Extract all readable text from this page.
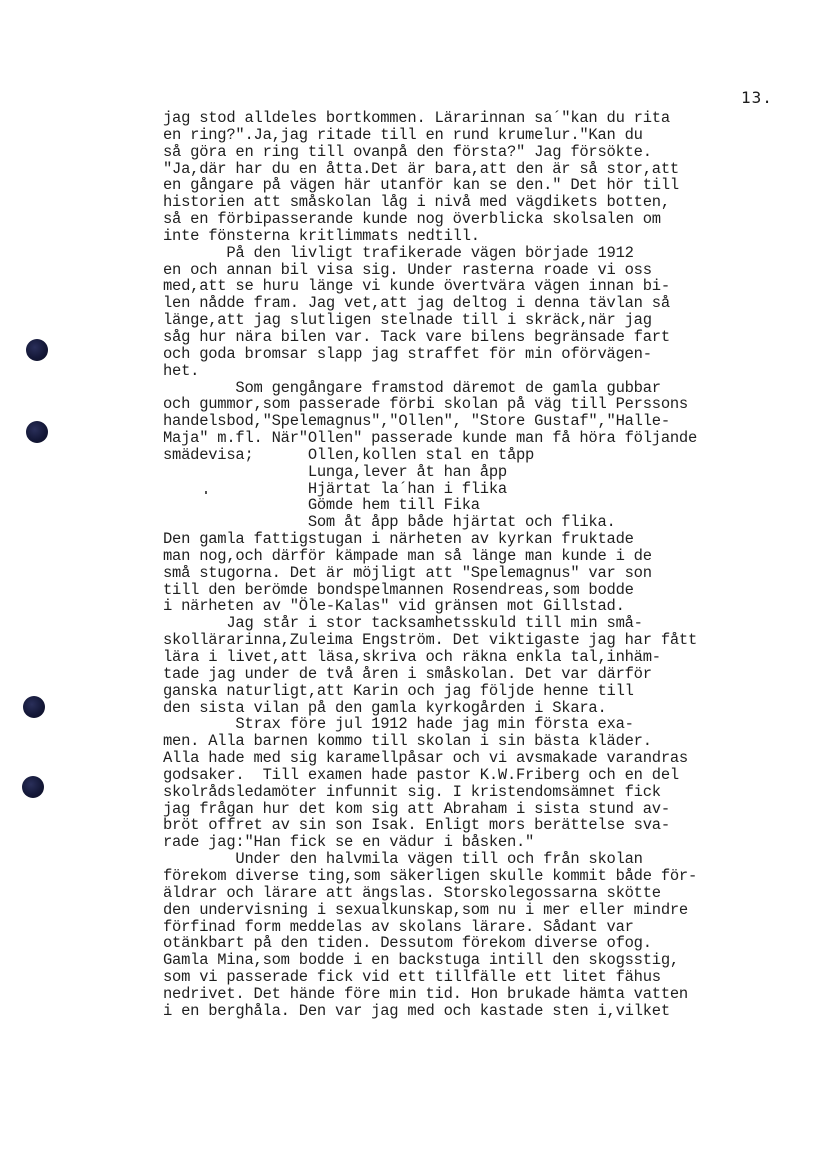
13.
jag stod alldeles bortkommen. Lärarinnan sa´"kan du rita
en ring?".Ja,jag ritade till en rund krumelur."Kan du
så göra en ring till ovanpå den första?" Jag försökte.
"Ja,där har du en åtta.Det är bara,att den är så stor,att
en gångare på vägen här utanför kan se den." Det hör till
historien att småskolan låg i nivå med vägdikets botten,
så en förbipasserande kunde nog överblicka skolsalen om
inte fönsterna kritlimmats nedtill.
På den livligt trafikerade vägen började 1912
en och annan bil visa sig. Under rasterna roade vi oss
med,att se huru länge vi kunde övertvära vägen innan bi-
len nådde fram. Jag vet,att jag deltog i denna tävlan så
länge,att jag slutligen stelnade till i skräck,när jag
såg hur nära bilen var. Tack vare bilens begränsade fart
och goda bromsar slapp jag straffet för min oförvägen-
het.
Som gengångare framstod däremot de gamla gubbar
och gummor,som passerade förbi skolan på väg till Perssons
handelsbod,"Spelemagnus","Ollen", "Store Gustaf","Halle-
Maja" m.fl. När"Ollen" passerade kunde man få höra följande
smädevisa;      Ollen,kollen stal en tåpp
Lunga,lever åt han åpp
Hjärtat la´han i flika
Gömde hem till Fika
Som åt åpp både hjärtat och flika.
Den gamla fattigstugan i närheten av kyrkan fruktade
man nog,och därför kämpade man så länge man kunde i de
små stugorna. Det är möjligt att "Spelemagnus" var son
till den berömde bondspelmannen Rosendreas,som bodde
i närheten av "Öle-Kalas" vid gränsen mot Gillstad.
Jag står i stor tacksamhetsskuld till min små-
skollärarinna,Zuleima Engström. Det viktigaste jag har fått
lära i livet,att läsa,skriva och räkna enkla tal,inhäm-
tade jag under de två åren i småskolan. Det var därför
ganska naturligt,att Karin och jag följde henne till
den sista vilan på den gamla kyrkogården i Skara.
Strax före jul 1912 hade jag min första exa-
men. Alla barnen kommo till skolan i sin bästa kläder.
Alla hade med sig karamellpåsar och vi avsmakade varandras
godsaker.  Till examen hade pastor K.W.Friberg och en del
skolrådsledamöter infunnit sig. I kristendomsämnet fick
jag frågan hur det kom sig att Abraham i sista stund av-
bröt offret av sin son Isak. Enligt mors berättelse sva-
rade jag:"Han fick se en vädur i båsken."
Under den halvmila vägen till och från skolan
förekom diverse ting,som säkerligen skulle kommit både för-
äldrar och lärare att ängslas. Storskolegossarna skötte
den undervisning i sexualkunskap,som nu i mer eller mindre
förfinad form meddelas av skolans lärare. Sådant var
otänkbart på den tiden. Dessutom förekom diverse ofog.
Gamla Mina,som bodde i en backstuga intill den skogsstig,
som vi passerade fick vid ett tillfälle ett litet fähus
nedrivet. Det hände före min tid. Hon brukade hämta vatten
i en berghåla. Den var jag med och kastade sten i,vilket
